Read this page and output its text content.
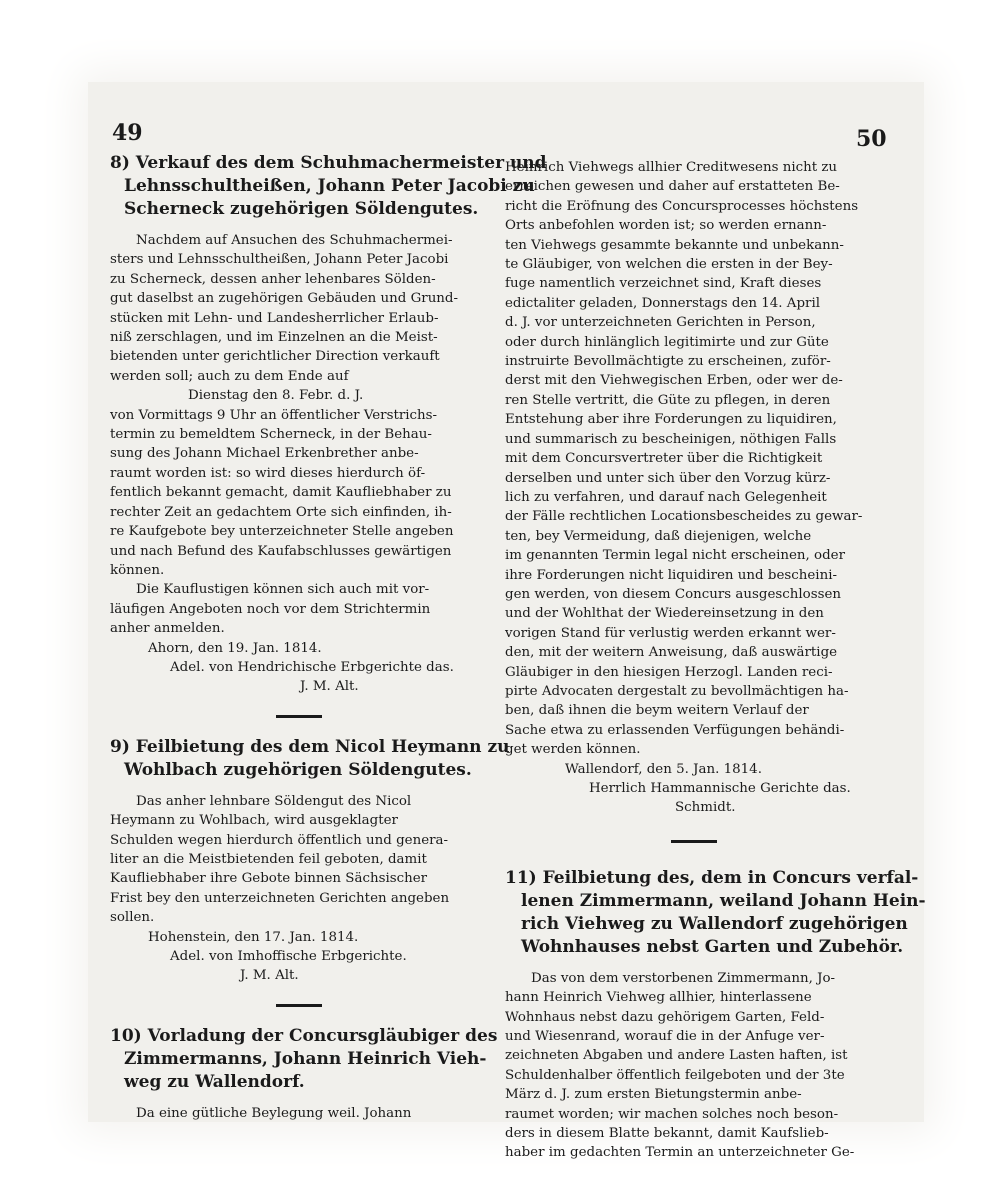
49	50
8) Verkauf des dem Schuhmachermeister und
Lehnsschultheißen, Johann Peter Jacobi zu
Scherneck zugehörigen Söldengutes.
Nachdem auf Ansuchen des Schuhmachermei-
sters und Lehnsschultheißen, Johann Peter Jacobi
zu Scherneck, dessen anher lehenbares Sölden-
gut daselbst an zugehörigen Gebäuden und Grund-
stücken mit Lehn- und Landesherrlicher Erlaub-
niß zerschlagen, und im Einzelnen an die Meist-
bietenden unter gerichtlicher Direction verkauft
werden soll; auch zu dem Ende auf
Dienstag den 8. Febr. d. J.
von Vormittags 9 Uhr an öffentlicher Verstrichs-
termin zu bemeldtem Scherneck, in der Behau-
sung des Johann Michael Erkenbrether anbe-
raumt worden ist: so wird dieses hierdurch öf-
fentlich bekannt gemacht, damit Kaufliebhaber zu
rechter Zeit an gedachtem Orte sich einfinden, ih-
re Kaufgebote bey unterzeichneter Stelle angeben
und nach Befund des Kaufabschlusses gewärtigen
können.
Die Kauflustigen können sich auch mit vor-
läufigen Angeboten noch vor dem Strichtermin
anher anmelden.
Ahorn, den 19. Jan. 1814.
Adel. von Hendrichische Erbgerichte das.
J. M. Alt.
9) Feilbietung des dem Nicol Heymann zu
Wohlbach zugehörigen Söldengutes.
Das anher lehnbare Söldengut des Nicol
Heymann zu Wohlbach, wird ausgeklagter
Schulden wegen hierdurch öffentlich und genera-
liter an die Meistbietenden feil geboten, damit
Kaufliebhaber ihre Gebote binnen Sächsischer
Frist bey den unterzeichneten Gerichten angeben
sollen.
Hohenstein, den 17. Jan. 1814.
Adel. von Imhoffische Erbgerichte.
J. M. Alt.
10) Vorladung der Concursgläubiger des
Zimmermanns, Johann Heinrich Vieh-
weg zu Wallendorf.
Da eine gütliche Beylegung weil. Johann
Heinrich Viehwegs allhier Creditwesens nicht zu
erreichen gewesen und daher auf erstatteten Be-
richt die Eröfnung des Concursprocesses höchstens
Orts anbefohlen worden ist; so werden ernann-
ten Viehwegs gesammte bekannte und unbekann-
te Gläubiger, von welchen die ersten in der Bey-
fuge namentlich verzeichnet sind, Kraft dieses
edictaliter geladen, Donnerstags den 14. April
d. J. vor unterzeichneten Gerichten in Person,
oder durch hinlänglich legitimirte und zur Güte
instruirte Bevollmächtigte zu erscheinen, zuför-
derst mit den Viehwegischen Erben, oder wer de-
ren Stelle vertritt, die Güte zu pflegen, in deren
Entstehung aber ihre Forderungen zu liquidiren,
und summarisch zu bescheinigen, nöthigen Falls
mit dem Concursvertreter über die Richtigkeit
derselben und unter sich über den Vorzug kürz-
lich zu verfahren, und darauf nach Gelegenheit
der Fälle rechtlichen Locationsbescheides zu gewar-
ten, bey Vermeidung, daß diejenigen, welche
im genannten Termin legal nicht erscheinen, oder
ihre Forderungen nicht liquidiren und bescheini-
gen werden, von diesem Concurs ausgeschlossen
und der Wohlthat der Wiedereinsetzung in den
vorigen Stand für verlustig werden erkannt wer-
den, mit der weitern Anweisung, daß auswärtige
Gläubiger in den hiesigen Herzogl. Landen reci-
pirte Advocaten dergestalt zu bevollmächtigen ha-
ben, daß ihnen die beym weitern Verlauf der
Sache etwa zu erlassenden Verfügungen behändi-
get werden können.
Wallendorf, den 5. Jan. 1814.
Herrlich Hammannische Gerichte das.
Schmidt.
11) Feilbietung des, dem in Concurs verfal-
lenen Zimmermann, weiland Johann Hein-
rich Viehweg zu Wallendorf zugehörigen
Wohnhauses nebst Garten und Zubehör.
Das von dem verstorbenen Zimmermann, Jo-
hann Heinrich Viehweg allhier, hinterlassene
Wohnhaus nebst dazu gehörigem Garten, Feld-
und Wiesenrand, worauf die in der Anfuge ver-
zeichneten Abgaben und andere Lasten haften, ist
Schuldenhalber öffentlich feilgeboten und der 3te
März d. J. zum ersten Bietungstermin anbe-
raumet worden; wir machen solches noch beson-
ders in diesem Blatte bekannt, damit Kaufslieb-
haber im gedachten Termin an unterzeichneter Ge-
